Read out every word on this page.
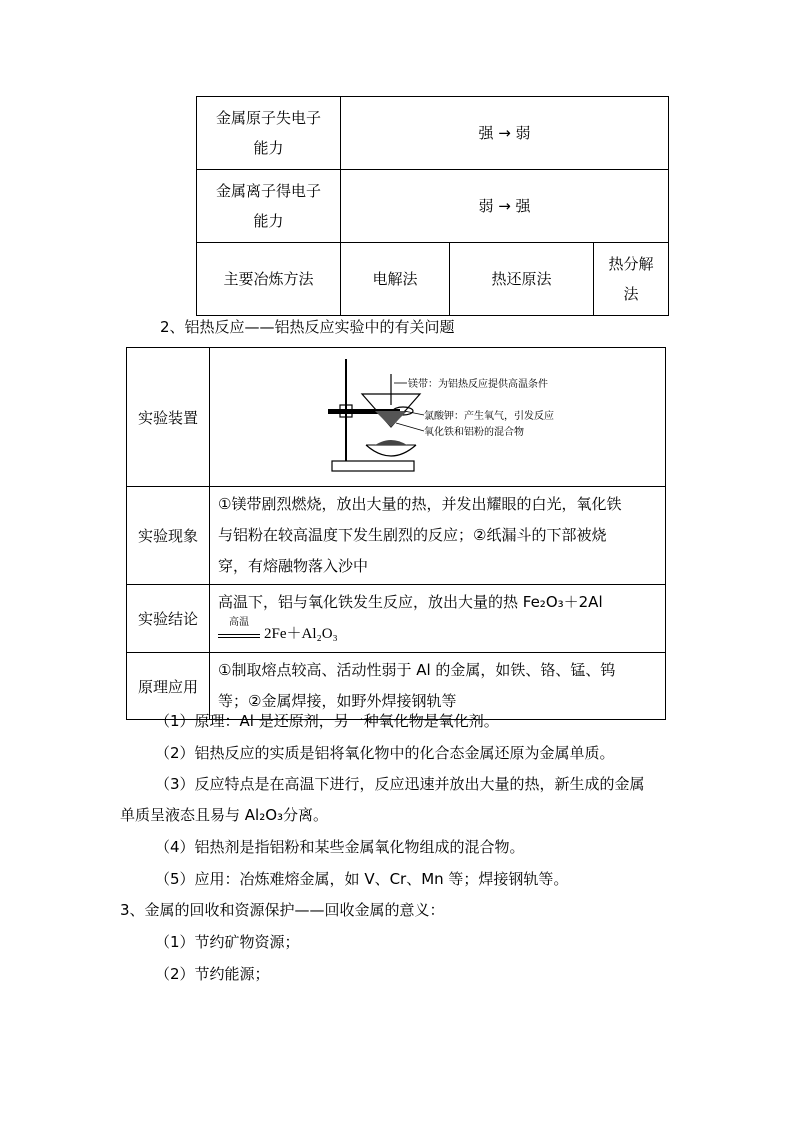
金属原子失电子
能力	强 → 弱		

金属离子得电子
能力	弱 → 强		
主要冶炼方法	电解法	热还原法	热分解
法
2、铝热反应——铝热反应实验中的有关问题
实验装置	镁带：为铝热反应提供高温条件
氯酸钾：产生氧气，引发反应
氧化铁和铝粉的混合物

实验现象	①镁带剧烈燃烧，放出大量的热，并发出耀眼的白光，氧化铁
与铝粉在较高温度下发生剧烈的反应；②纸漏斗的下部被烧
穿，有熔融物落入沙中

实验结论	高温下，铝与氧化铁发生反应，放出大量的热 Fe₂O₃＋2Al
高温
2Fe＋Al₂O₃

原理应用	①制取熔点较高、活动性弱于 Al 的金属，如铁、铬、锰、钨
等；②金属焊接，如野外焊接钢轨等
（1）原理：Al 是还原剂，另一种氧化物是氧化剂。
（2）铝热反应的实质是铝将氧化物中的化合态金属还原为金属单质。
（3）反应特点是在高温下进行，反应迅速并放出大量的热，新生成的金属
单质呈液态且易与 Al₂O₃分离。
（4）铝热剂是指铝粉和某些金属氧化物组成的混合物。
（5）应用：冶炼难熔金属，如 V、Cr、Mn 等；焊接钢轨等。
3、金属的回收和资源保护——回收金属的意义：
（1）节约矿物资源；
（2）节约能源；
